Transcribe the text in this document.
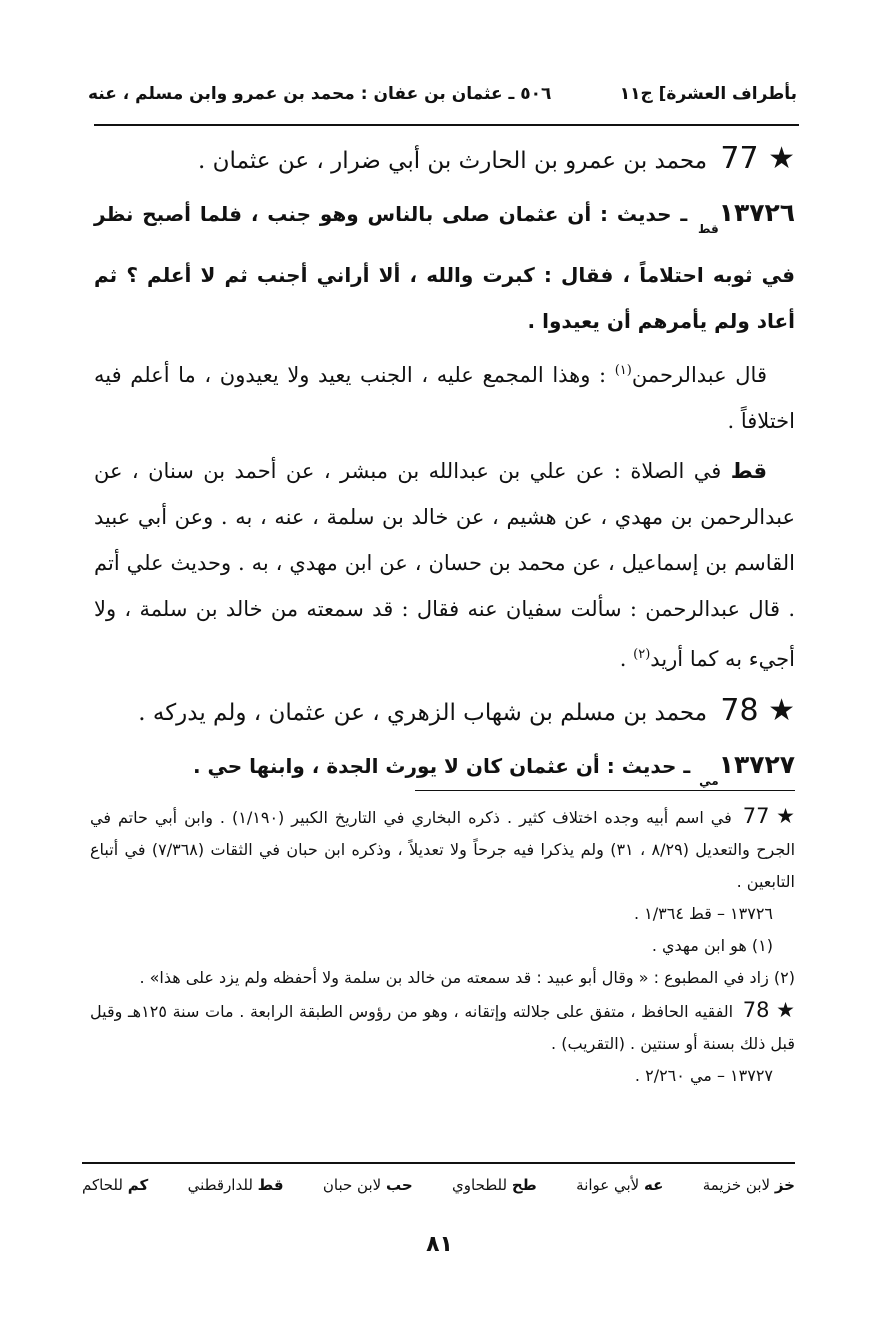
بأطراف العشرة] ج١١
٥٠٦ ـ عثمان بن عفان : محمد بن عمرو وابن مسلم ، عنه
77 ★ محمد بن عمرو بن الحارث بن أبي ضرار ، عن عثمان .
$١٣٧٢٦_{قط}$ ـ حديث : أن عثمان صلى بالناس وهو جنب ، فلما أصبح نظر في ثوبه احتلاماً ، فقال : كبرت والله ، ألا أراني أجنب ثم لا أعلم ؟ ثم أعاد ولم يأمرهم أن يعيدوا .
قال عبدالرحمن$^{(١)}$ : وهذا المجمع عليه ، الجنب يعيد ولا يعيدون ، ما أعلم فيه اختلافاً .
قط في الصلاة : عن علي بن عبدالله بن مبشر ، عن أحمد بن سنان ، عن عبدالرحمن بن مهدي ، عن هشيم ، عن خالد بن سلمة ، عنه ، به . وعن أبي عبيد القاسم بن إسماعيل ، عن محمد بن حسان ، عن ابن مهدي ، به . وحديث علي أتم . قال عبدالرحمن : سألت سفيان عنه فقال : قد سمعته من خالد بن سلمة ، ولا أجيء به كما أريد$^{(٢)}$ .
78 ★ محمد بن مسلم بن شهاب الزهري ، عن عثمان ، ولم يدركه .
$١٣٧٢٧_{مي}$ ـ حديث : أن عثمان كان لا يورث الجدة ، وابنها حي .

77 ★ في اسم أبيه وجده اختلاف كثير . ذكره البخاري في التاريخ الكبير (١/١٩٠) . وابن أبي حاتم في الجرح والتعديل (٨/٢٩ ، ٣١) ولم يذكرا فيه جرحاً ولا تعديلاً ، وذكره ابن حبان في الثقات (٧/٣٦٨) في أتباع التابعين .

١٣٧٢٦ – قط ١/٣٦٤ .

(١) هو ابن مهدي .

(٢) زاد في المطبوع : « وقال أبو عبيد : قد سمعته من خالد بن سلمة ولا أحفظه ولم يزد على هذا» .

78 ★ الفقيه الحافظ ، متفق على جلالته وإتقانه ، وهو من رؤوس الطبقة الرابعة . مات سنة ١٢٥هـ وقيل قبل ذلك بسنة أو سنتين . (التقريب) .

١٣٧٢٧ – مي ٢/٢٦٠ .

خز لابن خزيمة
عه لأبي عوانة
طح للطحاوي
حب لابن حبان
قط للدارقطني
كم للحاكم
٨١
